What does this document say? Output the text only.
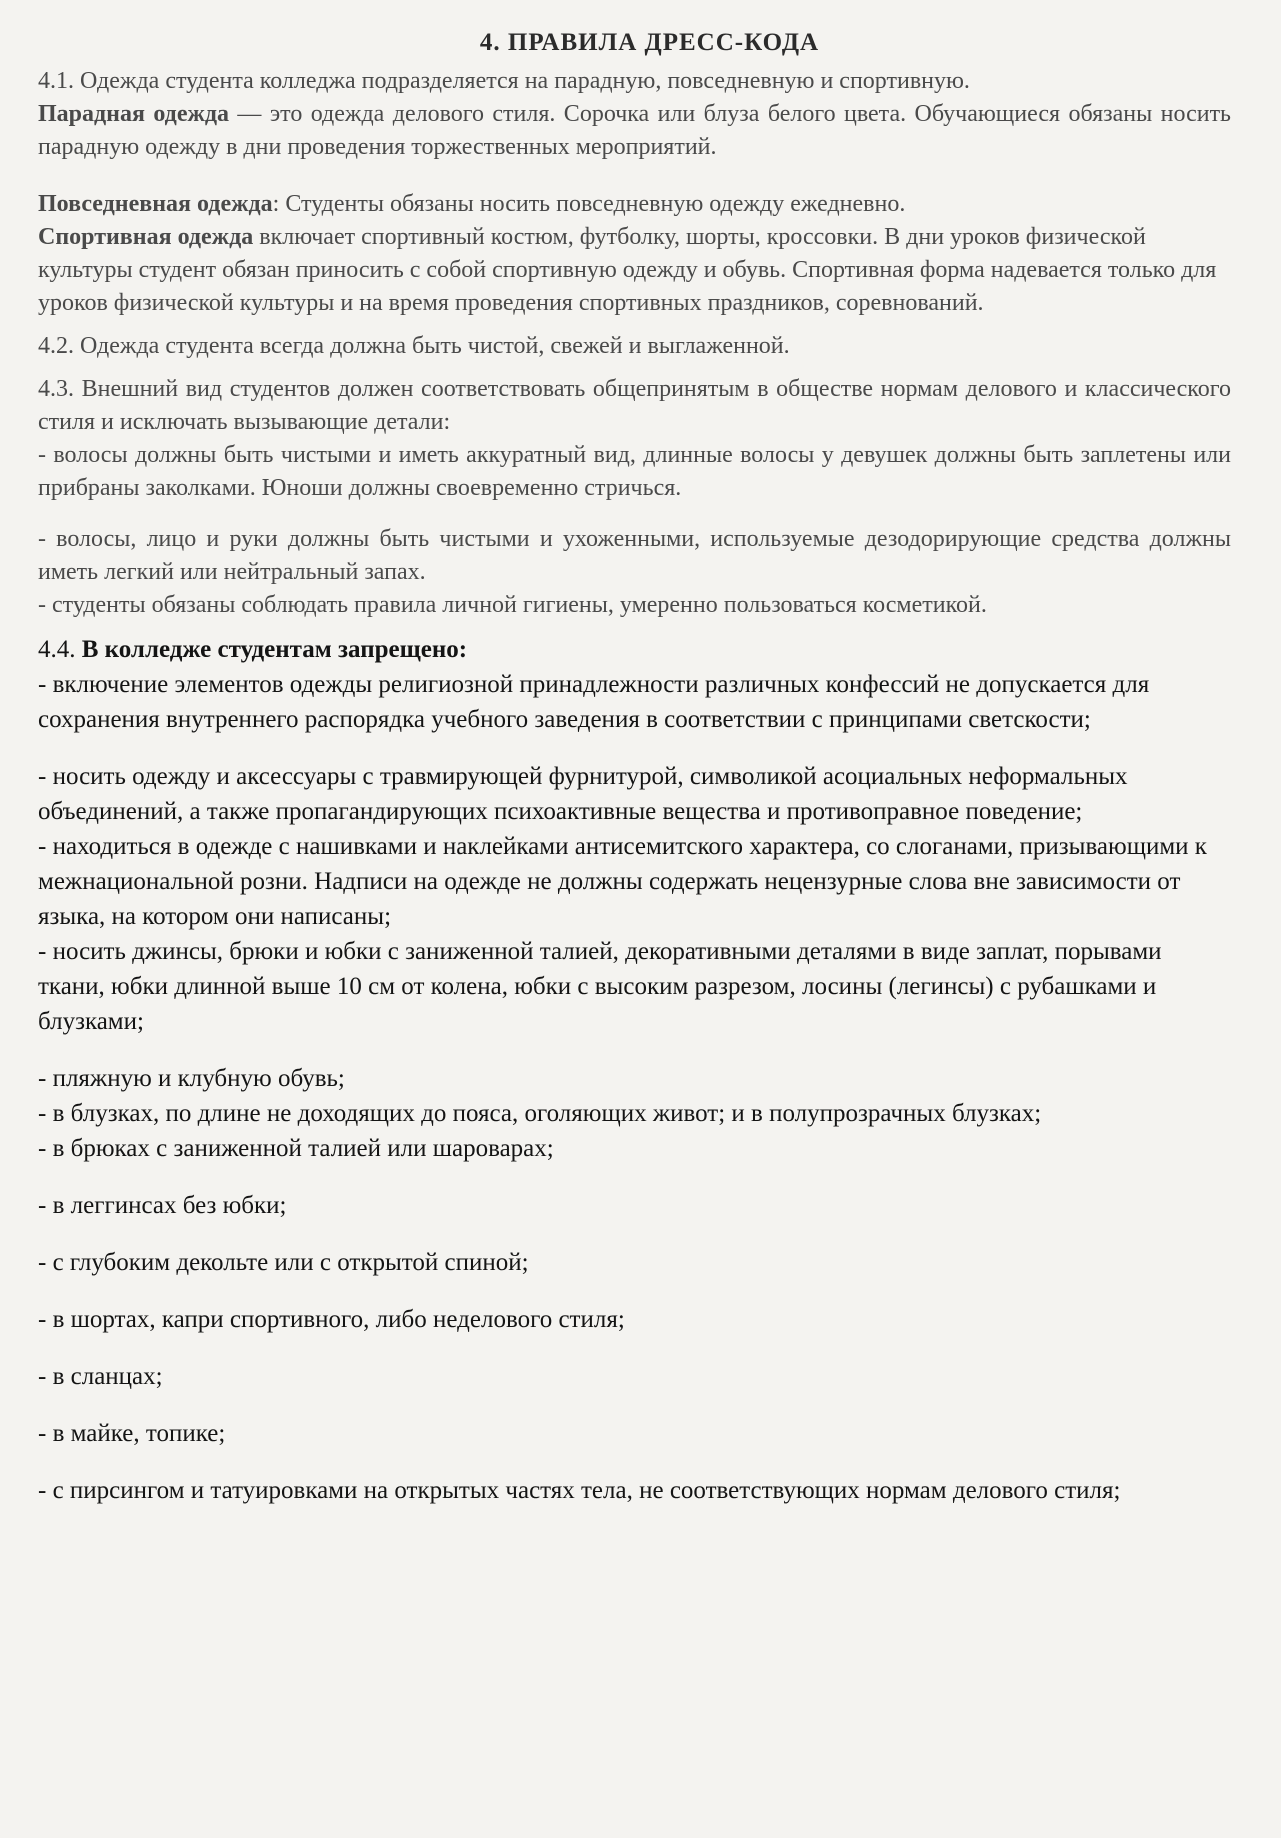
4. ПРАВИЛА ДРЕСС-КОДА

4.1. Одежда студента колледжа подразделяется на парадную, повседневную и спортивную.

Парадная одежда — это одежда делового стиля. Сорочка или блуза белого цвета. Обучающиеся обязаны носить парадную одежду в дни проведения торжественных мероприятий.

Повседневная одежда: Студенты обязаны носить повседневную одежду ежедневно.

Спортивная одежда включает спортивный костюм, футболку, шорты, кроссовки. В дни уроков физической культуры студент обязан приносить с собой спортивную одежду и обувь. Спортивная форма надевается только для уроков физической культуры и на время проведения спортивных праздников, соревнований.

4.2. Одежда студента всегда должна быть чистой, свежей и выглаженной.

4.3. Внешний вид студентов должен соответствовать общепринятым в обществе нормам делового и классического стиля и исключать вызывающие детали:

- волосы должны быть чистыми и иметь аккуратный вид, длинные волосы у девушек должны быть заплетены или прибраны заколками. Юноши должны своевременно стричься.

- волосы, лицо и руки должны быть чистыми и ухоженными, используемые дезодорирующие средства должны иметь легкий или нейтральный запах.

- студенты обязаны соблюдать правила личной гигиены, умеренно пользоваться косметикой.

4.4. В колледже студентам запрещено:

- включение элементов одежды религиозной принадлежности различных конфессий не допускается для сохранения внутреннего распорядка учебного заведения в соответствии с принципами светскости;

- носить одежду и аксессуары с травмирующей фурнитурой, символикой асоциальных неформальных объединений, а также пропагандирующих психоактивные вещества и противоправное поведение;

- находиться в одежде с нашивками и наклейками антисемитского характера, со слоганами, призывающими к межнациональной розни. Надписи на одежде не должны содержать нецензурные слова вне зависимости от языка, на котором они написаны;

- носить джинсы, брюки и юбки с заниженной талией, декоративными деталями в виде заплат, порывами ткани, юбки длинной выше 10 см от колена, юбки с высоким разрезом, лосины (легинсы) с рубашками и блузками;

- пляжную и клубную обувь;

- в блузках, по длине не доходящих до пояса, оголяющих живот; и в полупрозрачных блузках;

- в брюках с заниженной талией или шароварах;

- в леггинсах без юбки;

- с глубоким декольте или с открытой спиной;

- в шортах, капри спортивного, либо неделового стиля;

- в сланцах;

- в майке, топике;

- с пирсингом и татуировками на открытых частях тела, не соответствующих нормам делового стиля;
